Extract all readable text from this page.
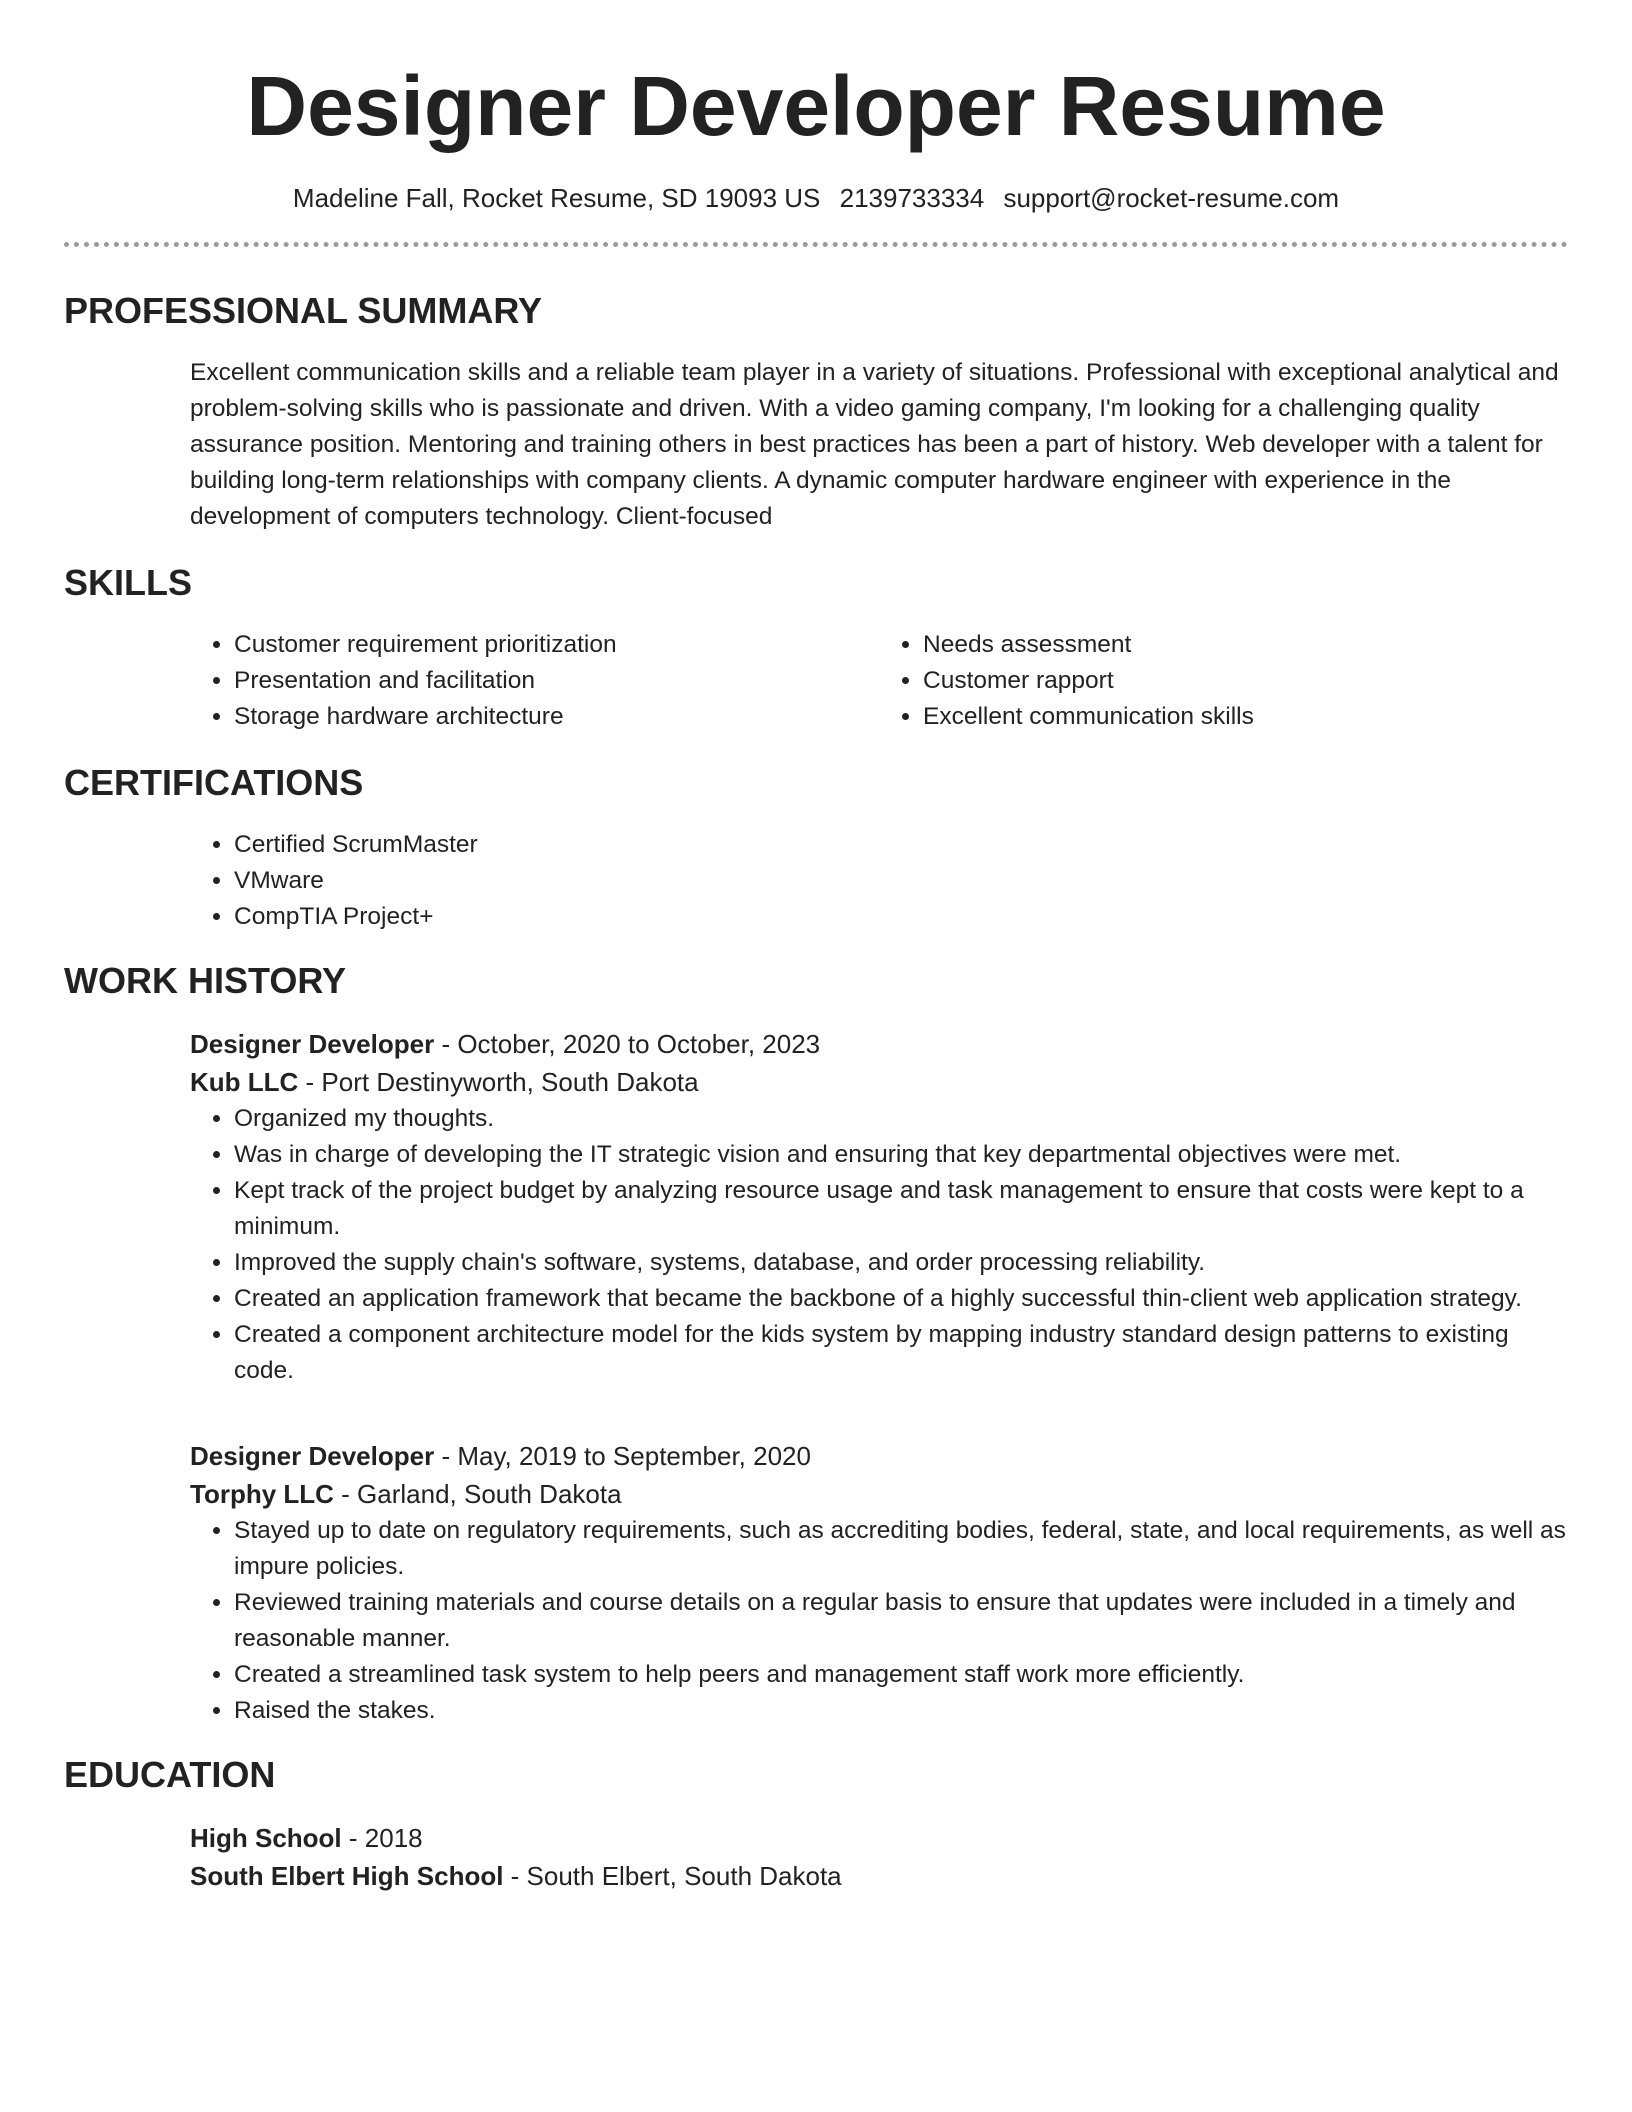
Designer Developer Resume
Madeline Fall, Rocket Resume, SD 19093 US 2139733334 support@rocket-resume.com
PROFESSIONAL SUMMARY
Excellent communication skills and a reliable team player in a variety of situations. Professional with exceptional analytical and problem-solving skills who is passionate and driven. With a video gaming company, I'm looking for a challenging quality assurance position. Mentoring and training others in best practices has been a part of history. Web developer with a talent for building long-term relationships with company clients. A dynamic computer hardware engineer with experience in the development of computers technology. Client-focused
SKILLS
• Customer requirement prioritization
• Presentation and facilitation
• Storage hardware architecture
• Needs assessment
• Customer rapport
• Excellent communication skills
CERTIFICATIONS
• Certified ScrumMaster
• VMware
• CompTIA Project+
WORK HISTORY
Designer Developer - October, 2020 to October, 2023
Kub LLC - Port Destinyworth, South Dakota
• Organized my thoughts.
• Was in charge of developing the IT strategic vision and ensuring that key departmental objectives were met.
• Kept track of the project budget by analyzing resource usage and task management to ensure that costs were kept to a minimum.
• Improved the supply chain's software, systems, database, and order processing reliability.
• Created an application framework that became the backbone of a highly successful thin-client web application strategy.
• Created a component architecture model for the kids system by mapping industry standard design patterns to existing code.
Designer Developer - May, 2019 to September, 2020
Torphy LLC - Garland, South Dakota
• Stayed up to date on regulatory requirements, such as accrediting bodies, federal, state, and local requirements, as well as impure policies.
• Reviewed training materials and course details on a regular basis to ensure that updates were included in a timely and reasonable manner.
• Created a streamlined task system to help peers and management staff work more efficiently.
• Raised the stakes.
EDUCATION
High School - 2018
South Elbert High School - South Elbert, South Dakota
